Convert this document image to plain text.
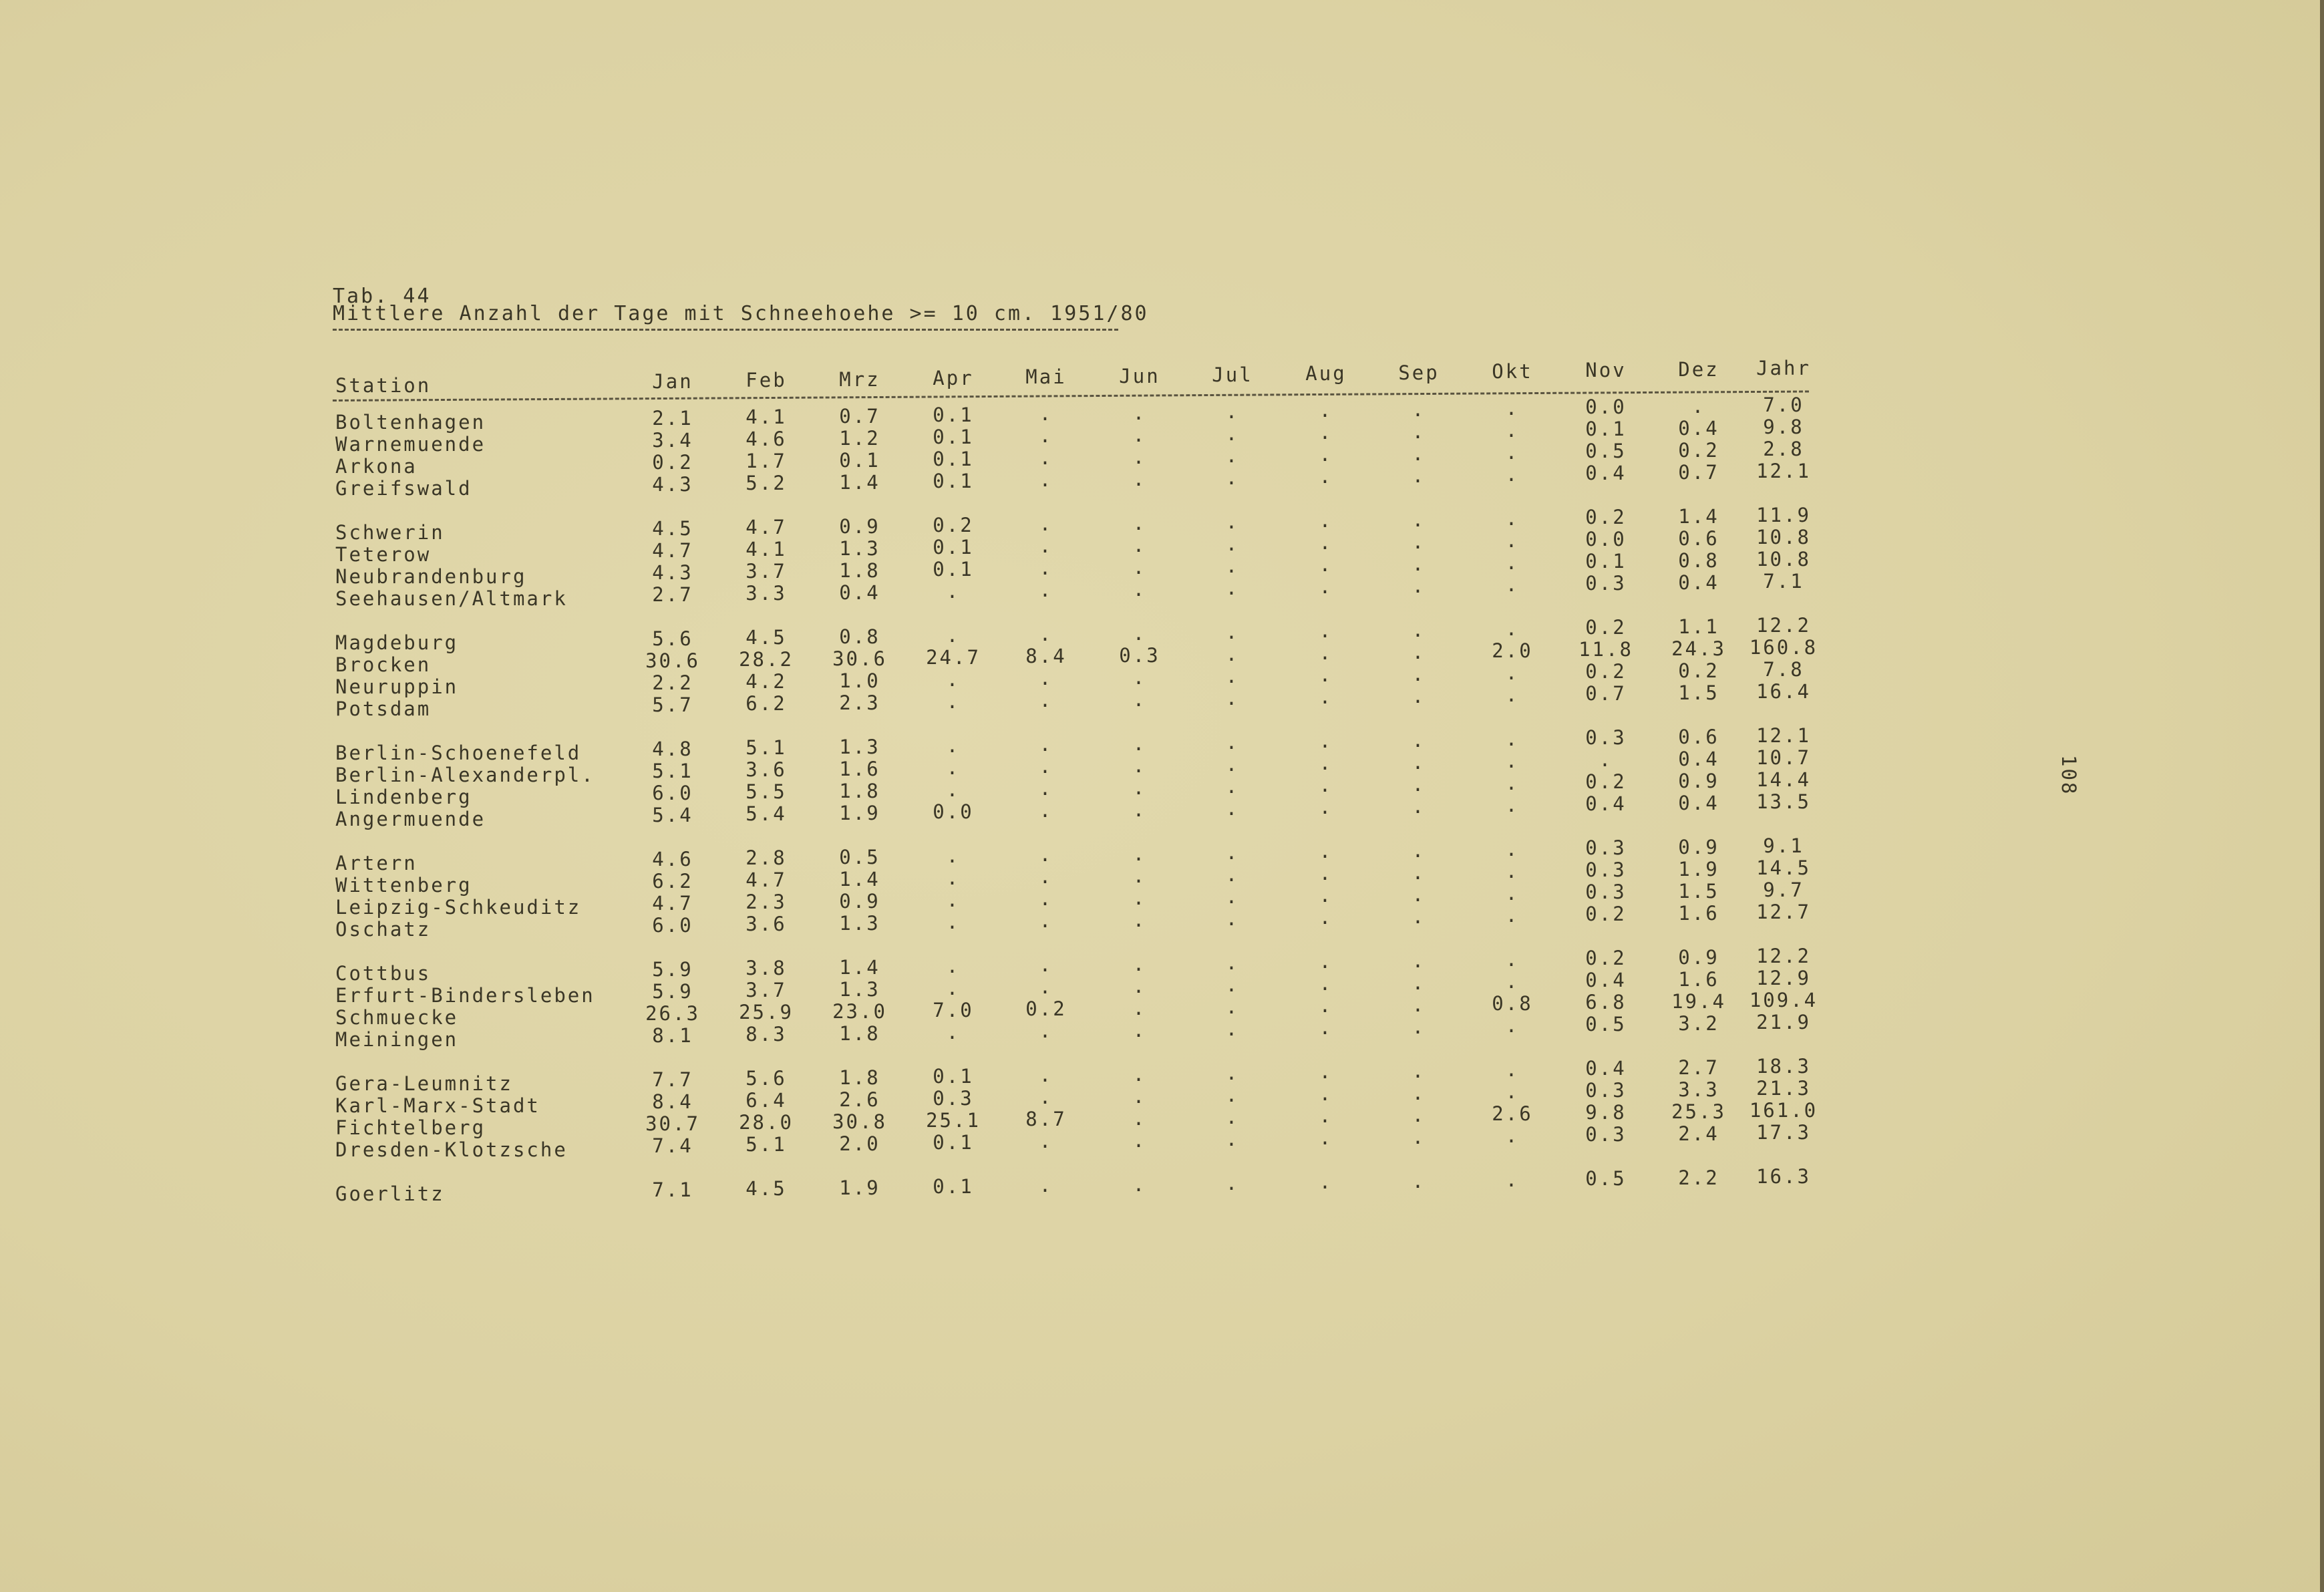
Tab. 44
Mittlere Anzahl der Tage mit Schneehoehe >= 10 cm. 1951/80
Station	Jan	Feb	Mrz	Apr	Mai	Jun	Jul	Aug	Sep	Okt	Nov	Dez	Jahr
Boltenhagen	2.1	4.1	0.7	0.1	.	.	.	.	.	.	0.0	.	7.0
Warnemuende	3.4	4.6	1.2	0.1	.	.	.	.	.	.	0.1	0.4	9.8
Arkona	0.2	1.7	0.1	0.1	.	.	.	.	.	.	0.5	0.2	2.8
Greifswald	4.3	5.2	1.4	0.1	.	.	.	.	.	.	0.4	0.7	12.1
Schwerin	4.5	4.7	0.9	0.2	.	.	.	.	.	.	0.2	1.4	11.9
Teterow	4.7	4.1	1.3	0.1	.	.	.	.	.	.	0.0	0.6	10.8
Neubrandenburg	4.3	3.7	1.8	0.1	.	.	.	.	.	.	0.1	0.8	10.8
Seehausen/Altmark	2.7	3.3	0.4	.	.	.	.	.	.	.	0.3	0.4	7.1
Magdeburg	5.6	4.5	0.8	.	.	.	.	.	.	.	0.2	1.1	12.2
Brocken	30.6	28.2	30.6	24.7	8.4	0.3	.	.	.	2.0	11.8	24.3	160.8
Neuruppin	2.2	4.2	1.0	.	.	.	.	.	.	.	0.2	0.2	7.8
Potsdam	5.7	6.2	2.3	.	.	.	.	.	.	.	0.7	1.5	16.4
Berlin-Schoenefeld	4.8	5.1	1.3	.	.	.	.	.	.	.	0.3	0.6	12.1
Berlin-Alexanderpl.	5.1	3.6	1.6	.	.	.	.	.	.	.	.	0.4	10.7
Lindenberg	6.0	5.5	1.8	.	.	.	.	.	.	.	0.2	0.9	14.4
Angermuende	5.4	5.4	1.9	0.0	.	.	.	.	.	.	0.4	0.4	13.5
Artern	4.6	2.8	0.5	.	.	.	.	.	.	.	0.3	0.9	9.1
Wittenberg	6.2	4.7	1.4	.	.	.	.	.	.	.	0.3	1.9	14.5
Leipzig-Schkeuditz	4.7	2.3	0.9	.	.	.	.	.	.	.	0.3	1.5	9.7
Oschatz	6.0	3.6	1.3	.	.	.	.	.	.	.	0.2	1.6	12.7
Cottbus	5.9	3.8	1.4	.	.	.	.	.	.	.	0.2	0.9	12.2
Erfurt-Bindersleben	5.9	3.7	1.3	.	.	.	.	.	.	.	0.4	1.6	12.9
Schmuecke	26.3	25.9	23.0	7.0	0.2	.	.	.	.	0.8	6.8	19.4	109.4
Meiningen	8.1	8.3	1.8	.	.	.	.	.	.	.	0.5	3.2	21.9
Gera-Leumnitz	7.7	5.6	1.8	0.1	.	.	.	.	.	.	0.4	2.7	18.3
Karl-Marx-Stadt	8.4	6.4	2.6	0.3	.	.	.	.	.	.	0.3	3.3	21.3
Fichtelberg	30.7	28.0	30.8	25.1	8.7	.	.	.	.	2.6	9.8	25.3	161.0
Dresden-Klotzsche	7.4	5.1	2.0	0.1	.	.	.	.	.	.	0.3	2.4	17.3
Goerlitz	7.1	4.5	1.9	0.1	.	.	.	.	.	.	0.5	2.2	16.3
108
